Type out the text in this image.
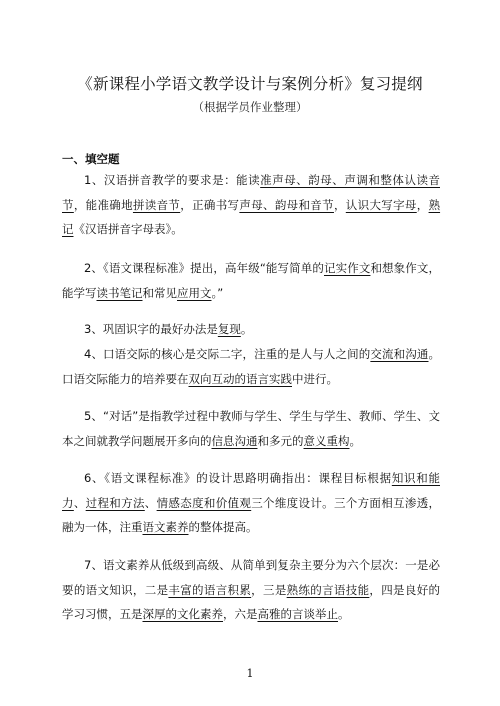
《新课程小学语文教学设计与案例分析》复习提纲
（根据学员作业整理）
一、填空题
1、汉语拼音教学的要求是：能读准声母、韵母、声调和整体认读音节，能准确地拼读音节，正确书写声母、韵母和音节，认识大写字母，熟记《汉语拼音字母表》。
2、《语文课程标准》提出，高年级“能写简单的记实作文和想象作文，能学写读书笔记和常见应用文。”
3、巩固识字的最好办法是复现。
4、口语交际的核心是交际二字，注重的是人与人之间的交流和沟通。口语交际能力的培养要在双向互动的语言实践中进行。
5、“对话”是指教学过程中教师与学生、学生与学生、教师、学生、文本之间就教学问题展开多向的信息沟通和多元的意义重构。
6、《语文课程标准》的设计思路明确指出：课程目标根据知识和能力、过程和方法、情感态度和价值观三个维度设计。三个方面相互渗透，融为一体，注重语文素养的整体提高。
7、语文素养从低级到高级、从简单到复杂主要分为六个层次：一是必要的语文知识，二是丰富的语言积累，三是熟练的言语技能，四是良好的学习习惯，五是深厚的文化素养，六是高雅的言谈举止。
1
